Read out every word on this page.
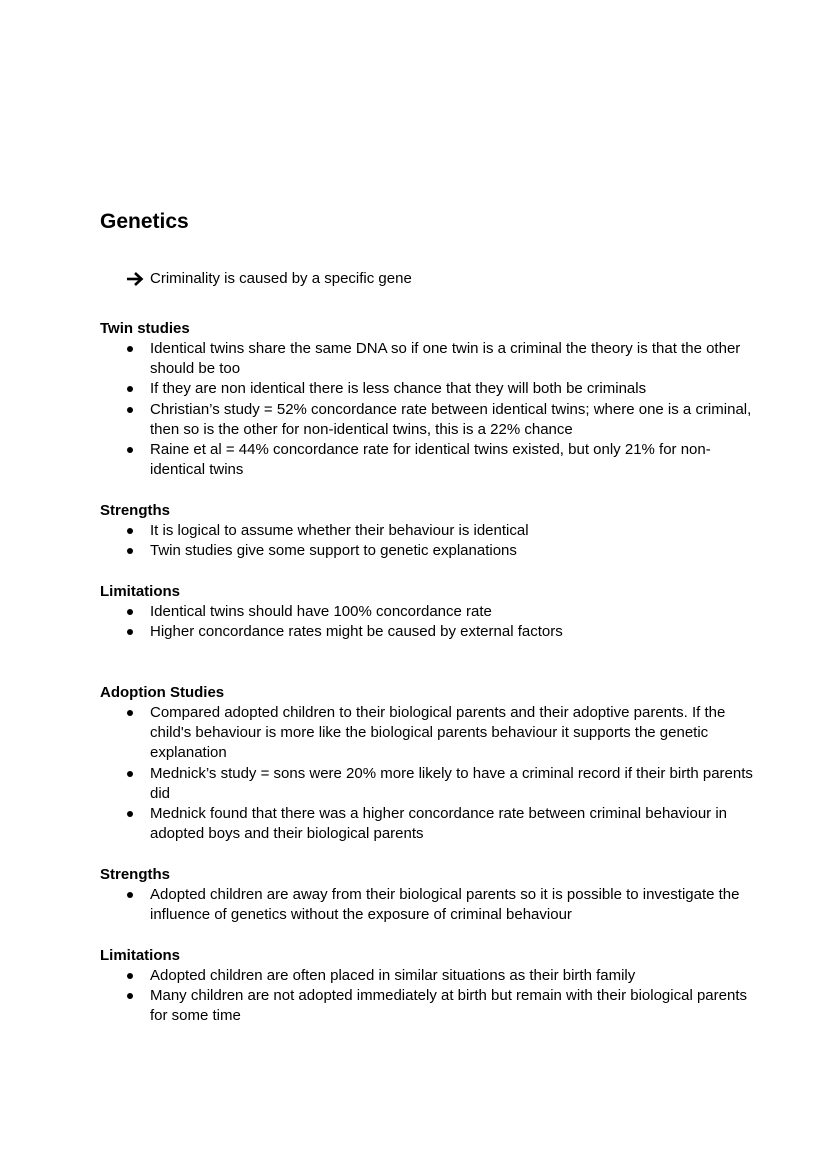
Genetics
Criminality is caused by a specific gene
Twin studies
Identical twins share the same DNA so if one twin is a criminal the theory is that the other should be too
If they are non identical there is less chance that they will both be criminals
Christian’s study = 52% concordance rate between identical twins; where one is a criminal, then so is the other for non-identical twins, this is a 22% chance
Raine et al = 44% concordance rate for identical twins existed, but only 21% for non-identical twins
Strengths
It is logical to assume whether their behaviour is identical
Twin studies give some support to genetic explanations
Limitations
Identical twins should have 100% concordance rate
Higher concordance rates might be caused by external factors
Adoption Studies
Compared adopted children to their biological parents and their adoptive parents. If the child's behaviour is more like the biological parents behaviour it supports the genetic explanation
Mednick’s study = sons were 20% more likely to have a criminal record if their birth parents did
Mednick found that there was a higher concordance rate between criminal behaviour in adopted boys and their biological parents
Strengths
Adopted children are away from their biological parents so it is possible to investigate the influence of genetics without the exposure of criminal behaviour
Limitations
Adopted children are often placed in similar situations as their birth family
Many children are not adopted immediately at birth but remain with their biological parents for some time
